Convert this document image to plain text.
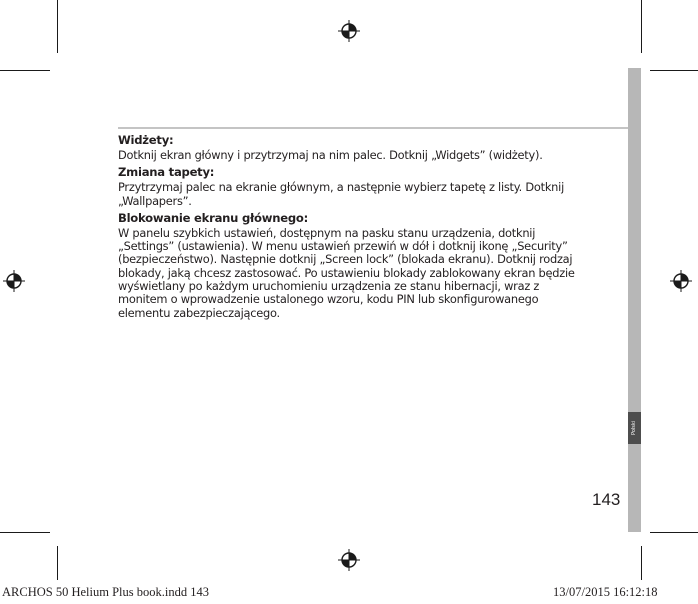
Polski

Widżety:

Dotknij ekran główny i przytrzymaj na nim palec. Dotknij „Widgets” (widżety).

Zmiana tapety:

Przytrzymaj palec na ekranie głównym, a następnie wybierz tapetę z listy. Dotknij „Wallpapers”.

Blokowanie ekranu głównego:

W panelu szybkich ustawień, dostępnym na pasku stanu urządzenia, dotknij „Settings” (ustawienia). W menu ustawień przewiń w dół i dotknij ikonę „Security” (bezpieczeństwo). Następnie dotknij „Screen lock” (blokada ekranu). Dotknij rodzaj blokady, jaką chcesz zastosować. Po ustawieniu blokady zablokowany ekran będzie wyświetlany po każdym uruchomieniu urządzenia ze stanu hibernacji, wraz z monitem o wprowadzenie ustalonego wzoru, kodu PIN lub skonfigurowanego elementu zabezpieczającego.

143
ARCHOS 50 Helium Plus book.indd 143	13/07/2015 16:12:18
